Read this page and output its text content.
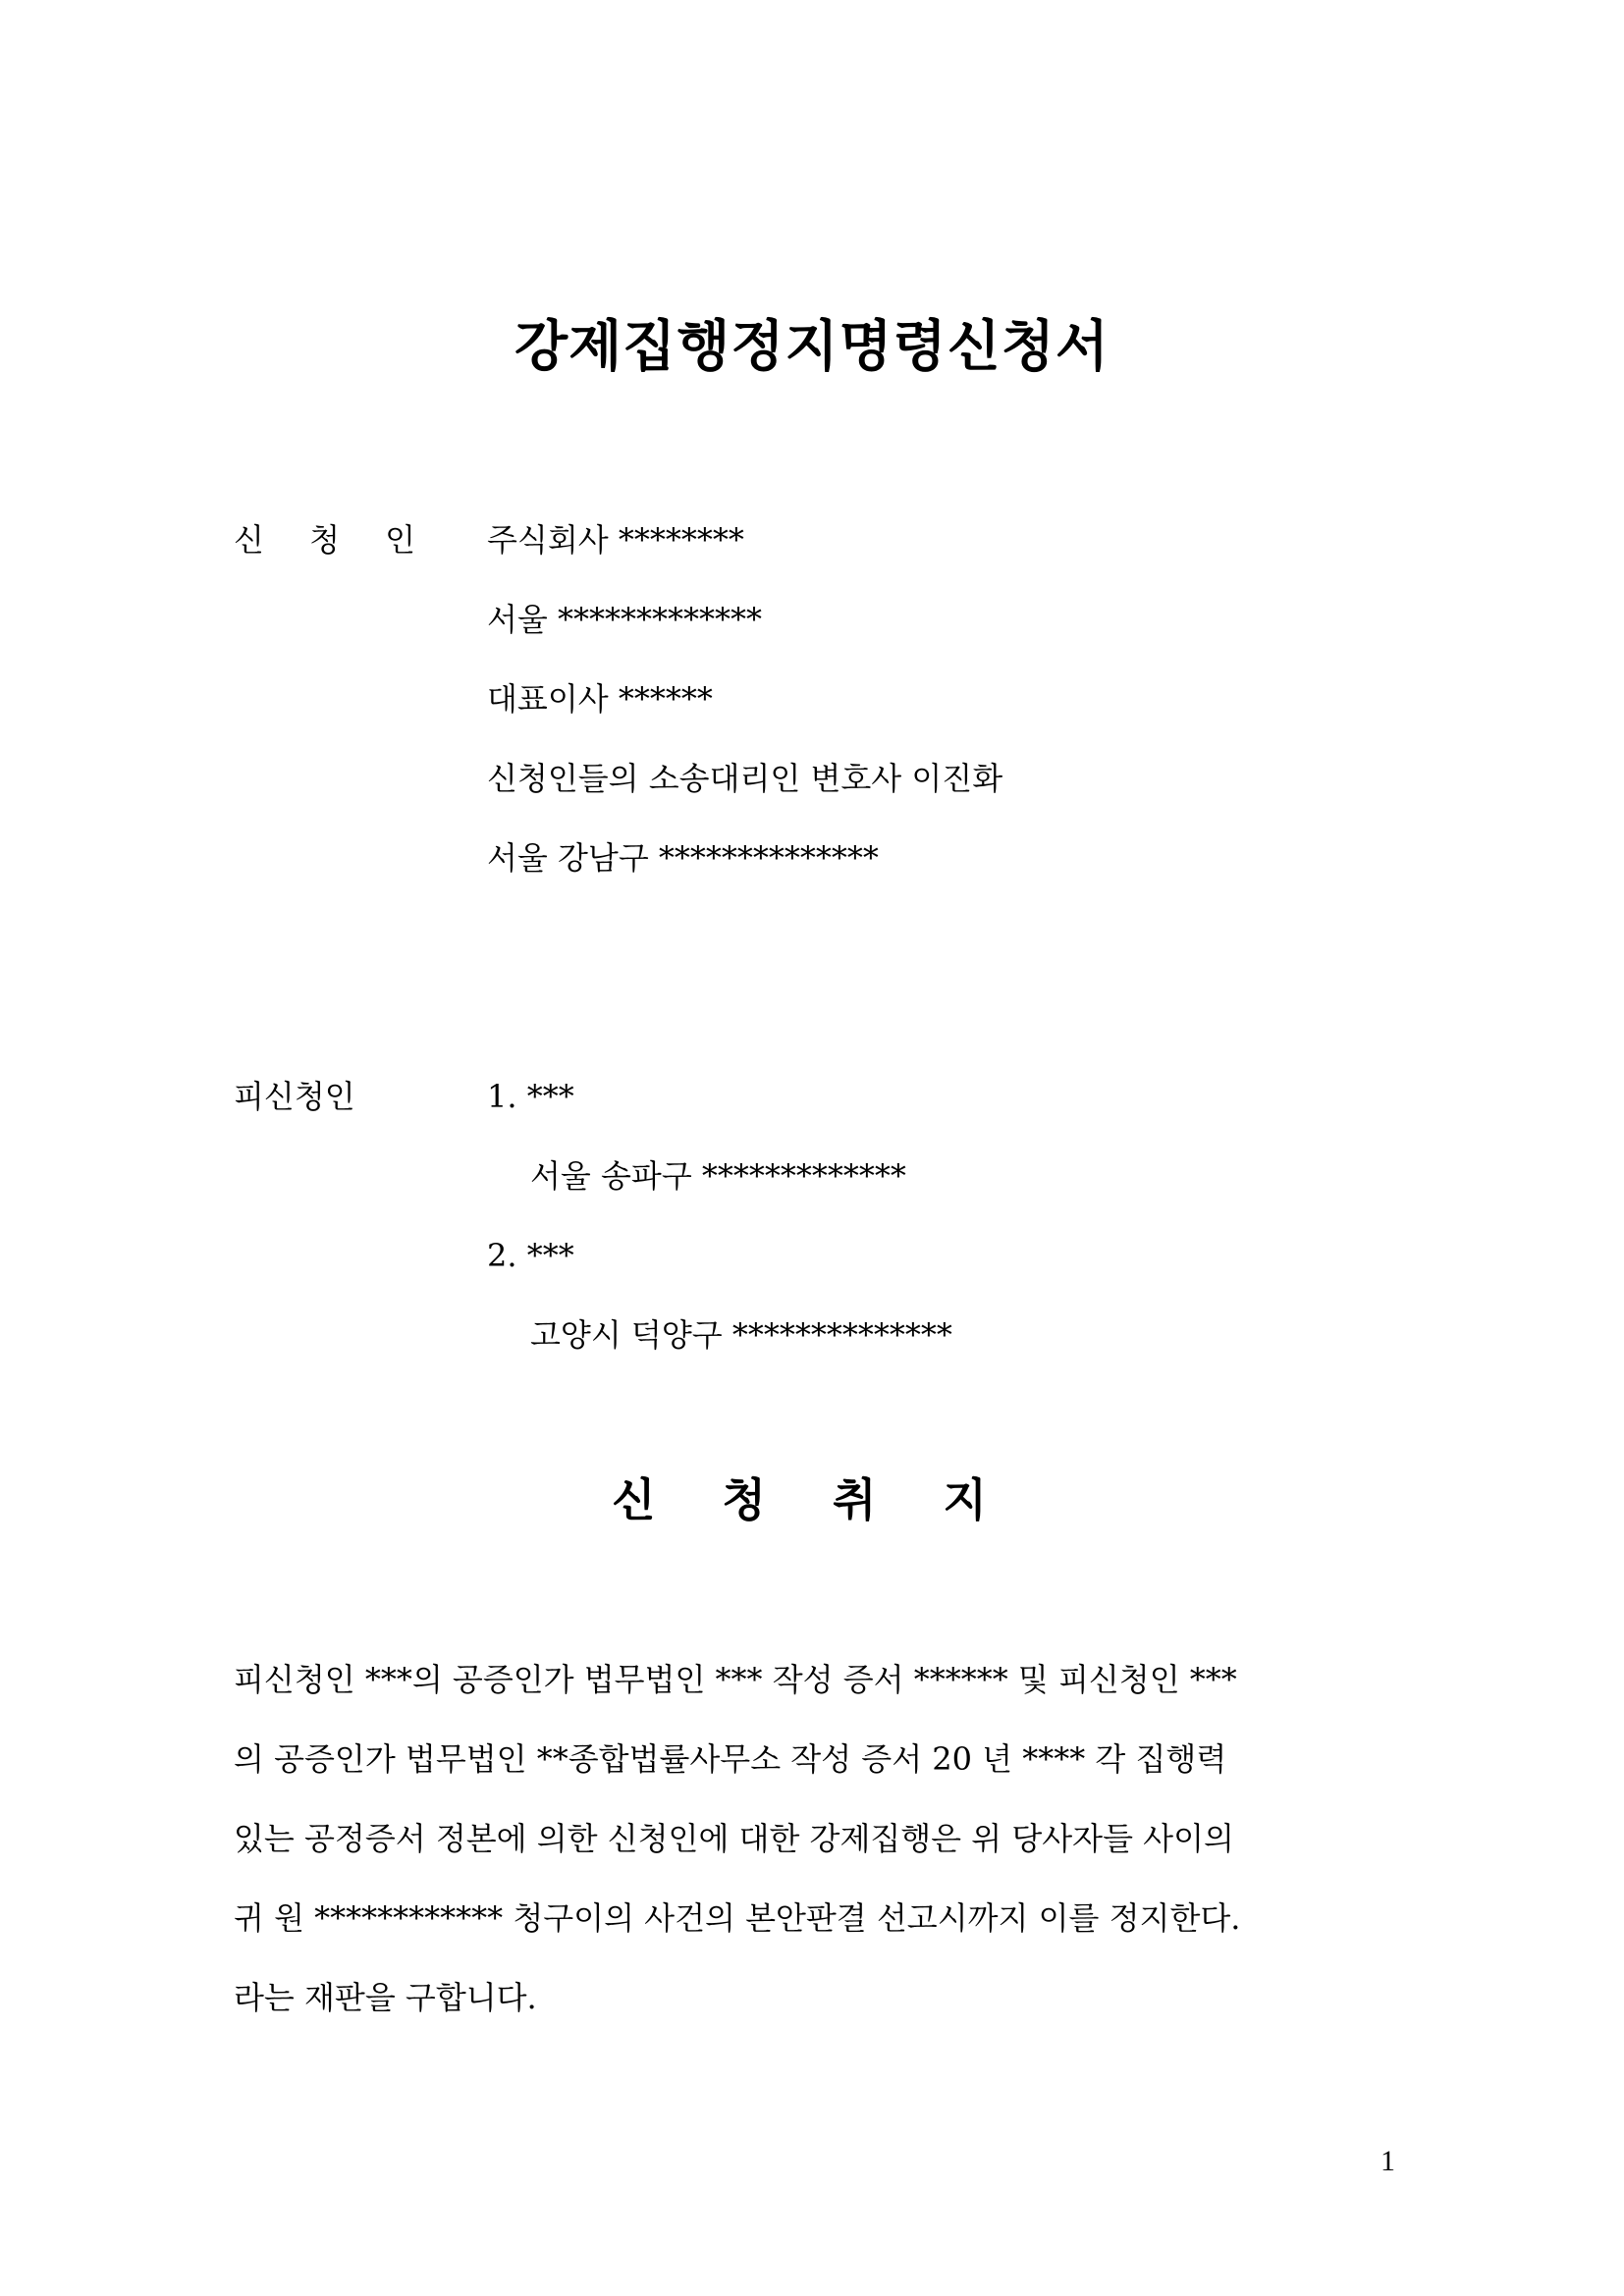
강제집행정지명령신청서
신 청 인 주식회사 ********
서울 *************
대표이사 ******
신청인들의 소송대리인 변호사 이진화
서울 강남구 **************
피신청인	1. ***
서울 송파구 *************
2. ***
고양시 덕양구 **************
신 청 취 지
피신청인 ***의 공증인가 법무법인 *** 작성 증서 ****** 및 피신청인 ***
의 공증인가 법무법인 **종합법률사무소 작성 증서 20 년 **** 각 집행력
있는 공정증서 정본에 의한 신청인에 대한 강제집행은 위 당사자들 사이의
귀 원 ************ 청구이의 사건의 본안판결 선고시까지 이를 정지한다.
라는 재판을 구합니다.
1
